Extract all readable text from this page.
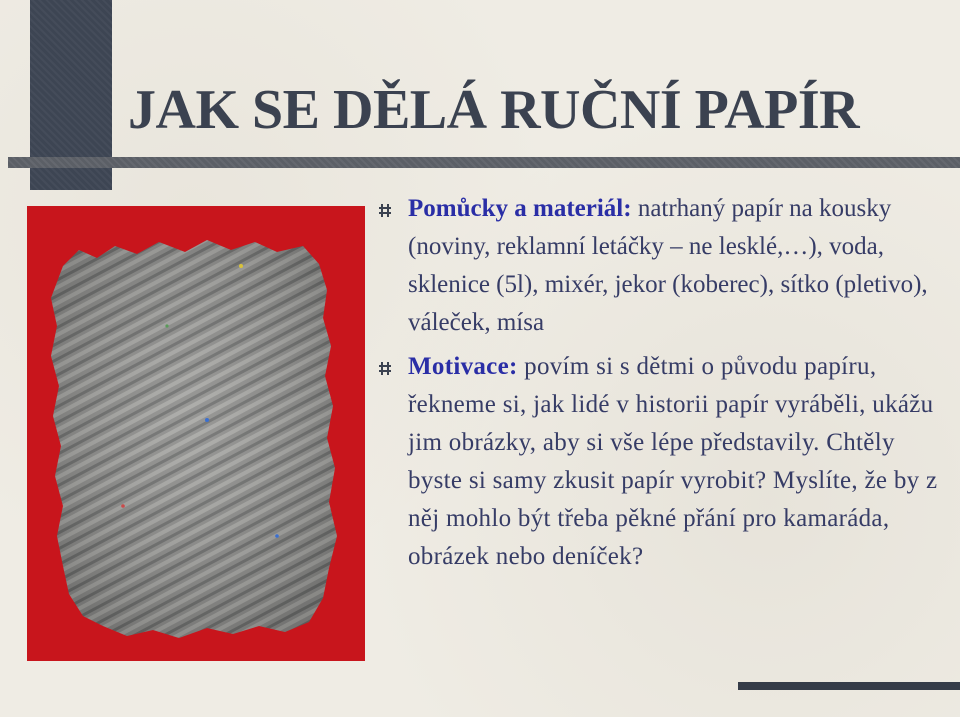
JAK SE DĚLÁ RUČNÍ PAPÍR

Pomůcky a materiál: natrhaný papír na kousky (noviny, reklamní letáčky – ne lesklé,…), voda, sklenice (5l), mixér, jekor (koberec), sítko (pletivo), váleček, mísa

Motivace: povím si s dětmi o původu papíru, řekneme si, jak lidé v historii papír vyráběli, ukážu jim obrázky, aby si vše lépe představily. Chtěly byste si samy zkusit papír vyrobit? Myslíte, že by z něj mohlo být třeba pěkné přání pro kamaráda, obrázek nebo deníček?
